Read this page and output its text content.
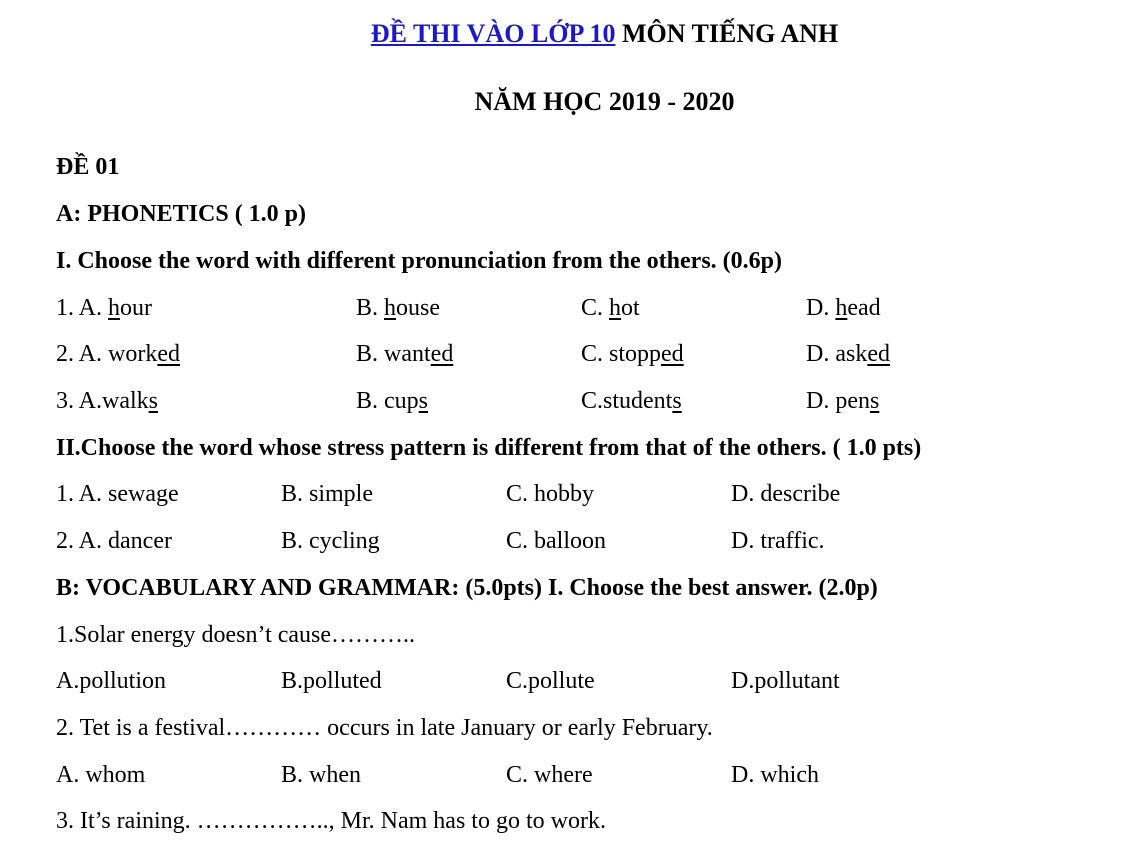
ĐỀ THI VÀO LỚP 10 MÔN TIẾNG ANH
NĂM HỌC 2019 - 2020
ĐỀ 01
A: PHONETICS ( 1.0 p)
I. Choose the word with different pronunciation from the others. (0.6p)
1. A. hour	B. house	C. hot	D. head
2. A. worked	B. wanted	C. stopped	D. asked
3. A.walks	B. cups	C.students	D. pens
II.Choose the word whose stress pattern is different from that of the others. ( 1.0 pts)
1. A. sewage	B. simple	C. hobby	D. describe
2. A. dancer	B. cycling	C. balloon	D. traffic.
B: VOCABULARY AND GRAMMAR: (5.0pts) I. Choose the best answer. (2.0p)
1.Solar energy doesn’t cause………..
A.pollution	B.polluted	C.pollute	D.pollutant
2. Tet is a festival………… occurs in late January or early February.
A. whom	B. when	C. where	D. which
3. It’s raining. …………….., Mr. Nam has to go to work.
